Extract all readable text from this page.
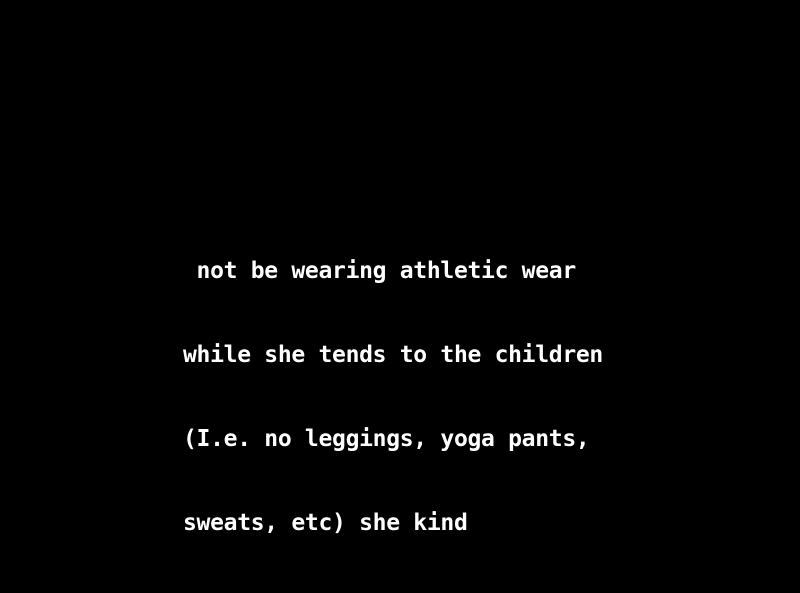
not be wearing athletic wear

while she tends to the children

(I.e. no leggings, yoga pants,

sweats, etc) she kind
